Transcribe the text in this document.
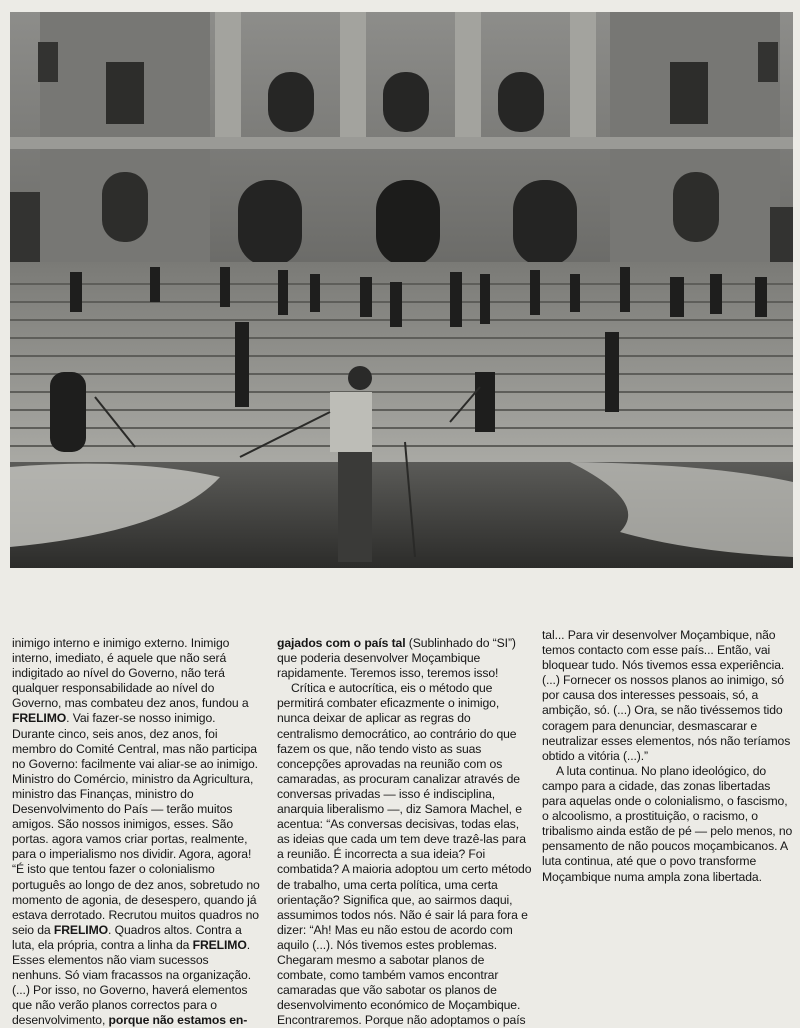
inimigo interno e inimigo externo. Inimigo interno, imediato, é aquele que não será indigitado ao nível do Governo, não terá qualquer responsabilidade ao nível do Governo, mas combateu dez anos, fundou a FRELIMO. Vai fazer-se nosso inimigo. Durante cinco, seis anos, dez anos, foi membro do Comité Central, mas não participa no Governo: facilmente vai aliar-se ao inimigo. Ministro do Comércio, ministro da Agricultura, ministro das Finanças, ministro do Desenvolvimento do País — terão muitos amigos. São nossos inimigos, esses. São portas. agora vamos criar portas, realmente, para o imperialismo nos dividir. Agora, agora!

“É isto que tentou fazer o colonialismo português ao longo de dez anos, sobretudo no momento de agonia, de desespero, quando já estava derrotado. Recrutou muitos quadros no seio da FRELIMO. Quadros altos. Contra a luta, ela própria, contra a linha da FRELIMO. Esses elementos não viam sucessos nenhuns. Só viam fracassos na organização. (...) Por isso, no Governo, haverá elementos que não verão planos correctos para o desenvolvimento, porque não estamos en-

gajados com o país tal (Sublinhado do “SI”) que poderia desenvolver Moçambique rapidamente. Teremos isso, teremos isso!

Crítica e autocrítica, eis o método que permitirá combater eficazmente o inimigo, nunca deixar de aplicar as regras do centralismo democrático, ao contrário do que fazem os que, não tendo visto as suas concepções aprovadas na reunião com os camaradas, as procuram canalizar através de conversas privadas — isso é indisciplina, anarquia liberalismo —, diz Samora Machel, e acentua: “As conversas decisivas, todas elas, as ideias que cada um tem deve trazê-las para a reunião. É incorrecta a sua ideia? Foi combatida? A maioria adoptou um certo método de trabalho, uma certa política, uma certa orientação? Significa que, ao sairmos daqui, assumimos todos nós. Não é sair lá para fora e dizer: “Ah! Mas eu não estou de acordo com aquilo (...). Nós tivemos estes problemas. Chegaram mesmo a sabotar planos de combate, como também vamos encontrar camaradas que vão sabotar os planos de desenvolvimento económico de Moçambique. Encontraremos. Porque não adoptamos o país

tal... Para vir desenvolver Moçambique, não temos contacto com esse país... Então, vai bloquear tudo. Nós tivemos essa experiência. (...) Fornecer os nossos planos ao inimigo, só por causa dos interesses pessoais, só, a ambição, só. (...) Ora, se não tivéssemos tido coragem para denunciar, desmascarar e neutralizar esses elementos, nós não teríamos obtido a vitória (...).”

A luta continua. No plano ideológico, do campo para a cidade, das zonas libertadas para aquelas onde o colonialismo, o fascismo, o alcoolismo, a prostituição, o racismo, o tribalismo ainda estão de pé — pelo menos, no pensamento de não poucos moçambicanos. A luta continua, até que o povo transforme Moçambique numa ampla zona libertada.
